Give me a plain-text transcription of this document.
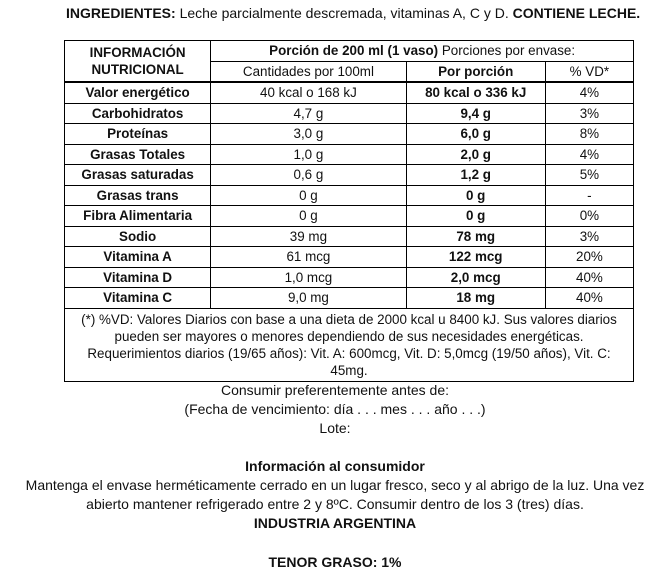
INGREDIENTES: Leche parcialmente descremada, vitaminas A, C y D. CONTIENE LECHE.
INFORMACIÓN
NUTRICIONAL	Porción de 200 ml (1 vaso) Porciones por envase:		
	Cantidades por 100ml	Por porción	% VD*
Valor energético	40 kcal o 168 kJ	80 kcal o 336 kJ	4%
Carbohidratos	4,7 g	9,4 g	3%
Proteínas	3,0 g	6,0 g	8%
Grasas Totales	1,0 g	2,0 g	4%
Grasas saturadas	0,6 g	1,2 g	5%
Grasas trans	0 g	0 g	-
Fibra Alimentaria	0 g	0 g	0%
Sodio	39 mg	78 mg	3%
Vitamina A	61 mcg	122 mcg	20%
Vitamina D	1,0 mcg	2,0 mcg	40%
Vitamina C	9,0 mg	18 mg	40%
(*) %VD: Valores Diarios con base a una dieta de 2000 kcal u 8400 kJ. Sus valores diarios pueden ser mayores o menores dependiendo de sus necesidades energéticas. Requerimientos diarios (19/65 años): Vit. A: 600mcg, Vit. D: 5,0mcg (19/50 años), Vit. C: 45mg.			
Consumir preferentemente antes de:
(Fecha de vencimiento: día . . . mes . . . año . . .)
Lote:
Información al consumidor
Mantenga el envase herméticamente cerrado en un lugar fresco, seco y al abrigo de la luz. Una vez abierto mantener refrigerado entre 2 y 8ºC. Consumir dentro de los 3 (tres) días.
INDUSTRIA ARGENTINA
TENOR GRASO: 1%
